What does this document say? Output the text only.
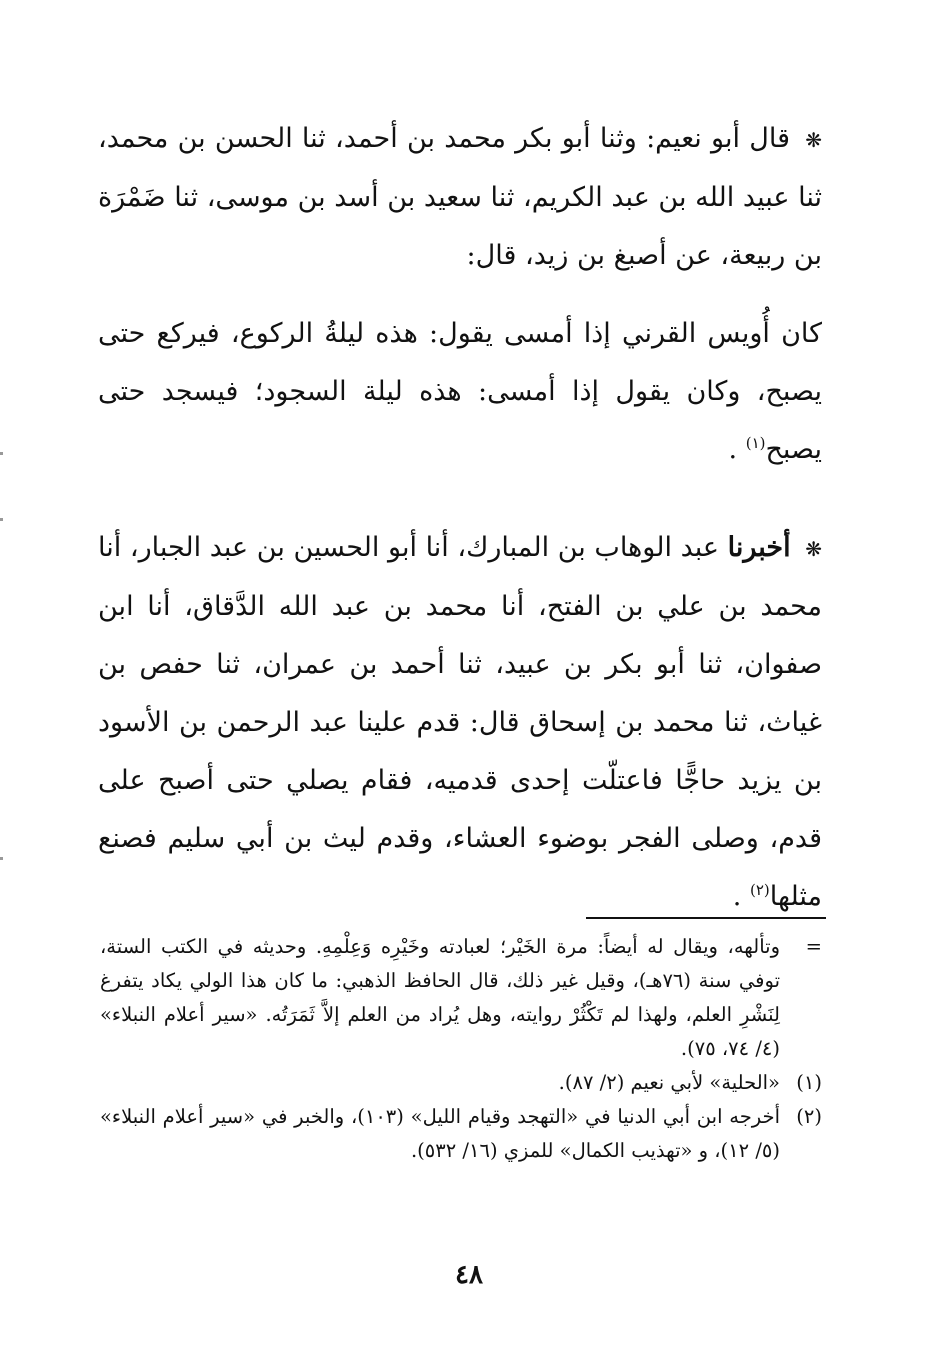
❋ قال أبو نعيم: وثنا أبو بكر محمد بن أحمد، ثنا الحسن بن محمد، ثنا عبيد الله بن عبد الكريم، ثنا سعيد بن أسد بن موسى، ثنا ضَمْرَة بن ربيعة، عن أصبغ بن زيد، قال:

كان أُويس القرني إذا أمسى يقول: هذه ليلةُ الركوع، فيركع حتى يصبح، وكان يقول إذا أمسى: هذه ليلة السجود؛ فيسجد حتى يصبح$^{(١)}$ .

❋ أخبرنا عبد الوهاب بن المبارك، أنا أبو الحسين بن عبد الجبار، أنا محمد بن علي بن الفتح، أنا محمد بن عبد الله الدَّقاق، أنا ابن صفوان، ثنا أبو بكر بن عبيد، ثنا أحمد بن عمران، ثنا حفص بن غياث، ثنا محمد بن إسحاق قال: قدم علينا عبد الرحمن بن الأسود بن يزيد حاجًّا فاعتلّت إحدى قدميه، فقام يصلي حتى أصبح على قدم، وصلى الفجر بوضوء العشاء، وقدم ليث بن أبي سليم فصنع مثلها$^{(٢)}$ .

=
وتألهه، ويقال له أيضاً: مرة الخَيْر؛ لعبادته وخَيْرِه وَعِلْمِهِ. وحديثه في الكتب الستة، توفي سنة (٧٦هـ)، وقيل غير ذلك، قال الحافظ الذهبي: ما كان هذا الولي يكاد يتفرغ لِنَشْرِ العلم، ولهذا لم تَكْثُرْ روايته، وهل يُراد من العلم إلاَّ ثَمَرَتُه. «سير أعلام النبلاء» (٤/ ٧٤، ٧٥).
(١)
«الحلية» لأبي نعيم (٢/ ٨٧).
(٢)
أخرجه ابن أبي الدنيا في «التهجد وقيام الليل» (١٠٣)، والخبر في «سير أعلام النبلاء» (٥/ ١٢)، و «تهذيب الكمال» للمزي (١٦/ ٥٣٢).
٤٨
